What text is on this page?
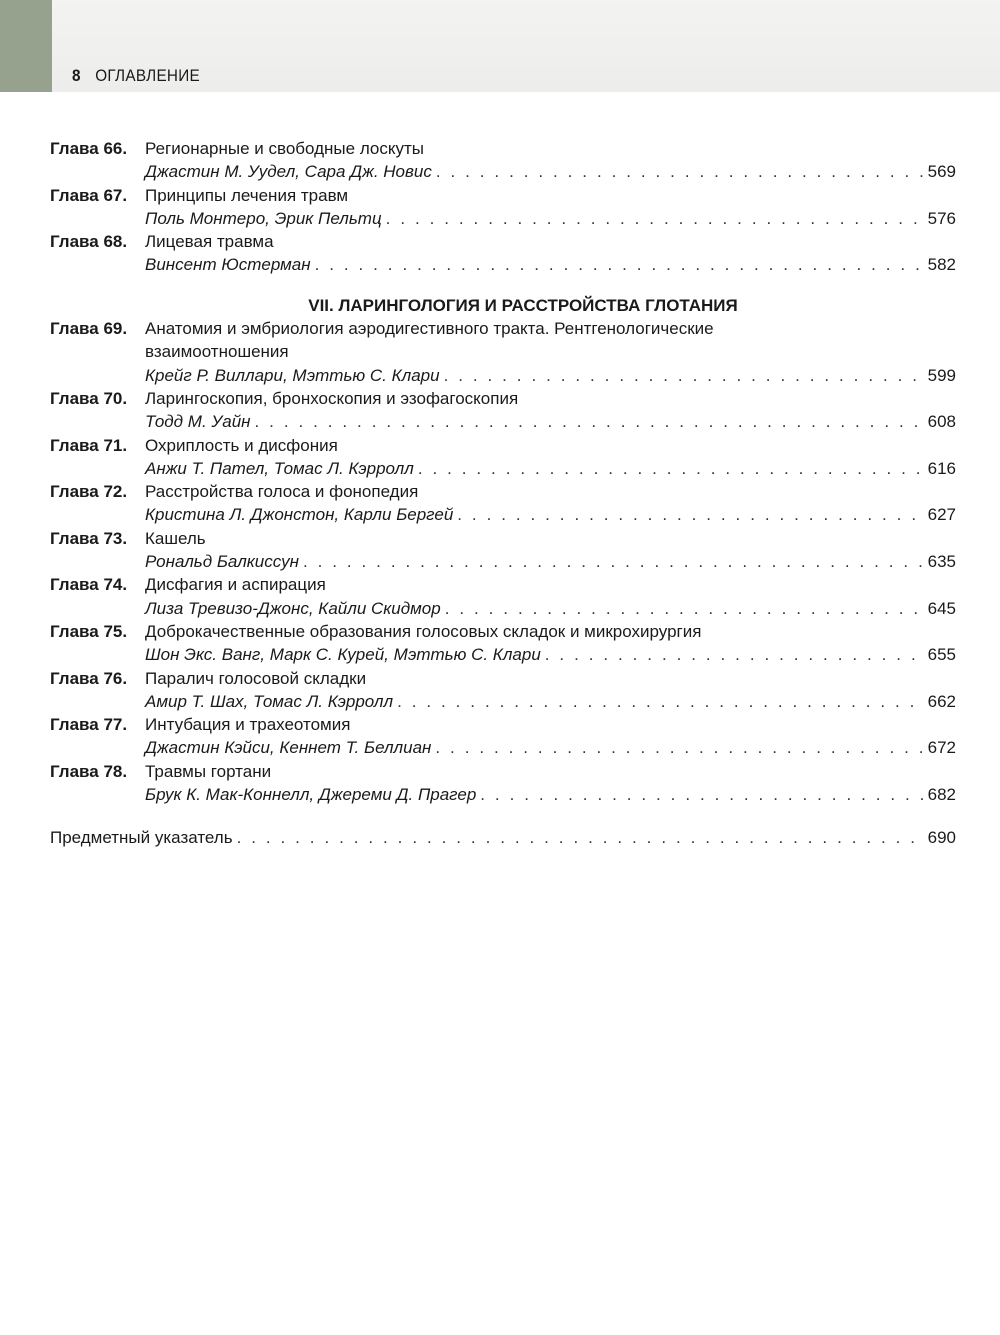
8 ОГЛАВЛЕНИЕ
Глава 66.	Регионарные и свободные лоскуты
Джастин М. Уудел, Сара Дж. Новис . . .	569
Глава 67.	Принципы лечения травм
Поль Монтеро, Эрик Пельтц . . .	576
Глава 68.	Лицевая травма
Винсент Юстерман . . .	582
VII. ЛАРИНГОЛОГИЯ И РАССТРОЙСТВА ГЛОТАНИЯ
Глава 69.	Анатомия и эмбриология аэродигестивного тракта. Рентгенологические
взаимоотношения
Крейг Р. Виллари, Мэттью С. Клари . . .	599
Глава 70.	Ларингоскопия, бронхоскопия и эзофагоскопия
Тодд М. Уайн . . .	608
Глава 71.	Охриплость и дисфония
Анжи Т. Пател, Томас Л. Кэрролл . . .	616
Глава 72.	Расстройства голоса и фонопедия
Кристина Л. Джонстон, Карли Бергей . . .	627
Глава 73.	Кашель
Рональд Балкиссун . . .	635
Глава 74.	Дисфагия и аспирация
Лиза Тревизо-Джонс, Кайли Скидмор . . .	645
Глава 75.	Доброкачественные образования голосовых складок и микрохирургия
Шон Экс. Ванг, Марк С. Курей, Мэттью С. Клари . . .	655
Глава 76.	Паралич голосовой складки
Амир Т. Шах, Томас Л. Кэрролл . . .	662
Глава 77.	Интубация и трахеотомия
Джастин Кэйси, Кеннет Т. Беллиан . . .	672
Глава 78.	Травмы гортани
Брук К. Мак-Коннелл, Джереми Д. Прагер . . .	682
Предметный указатель . . .	690
